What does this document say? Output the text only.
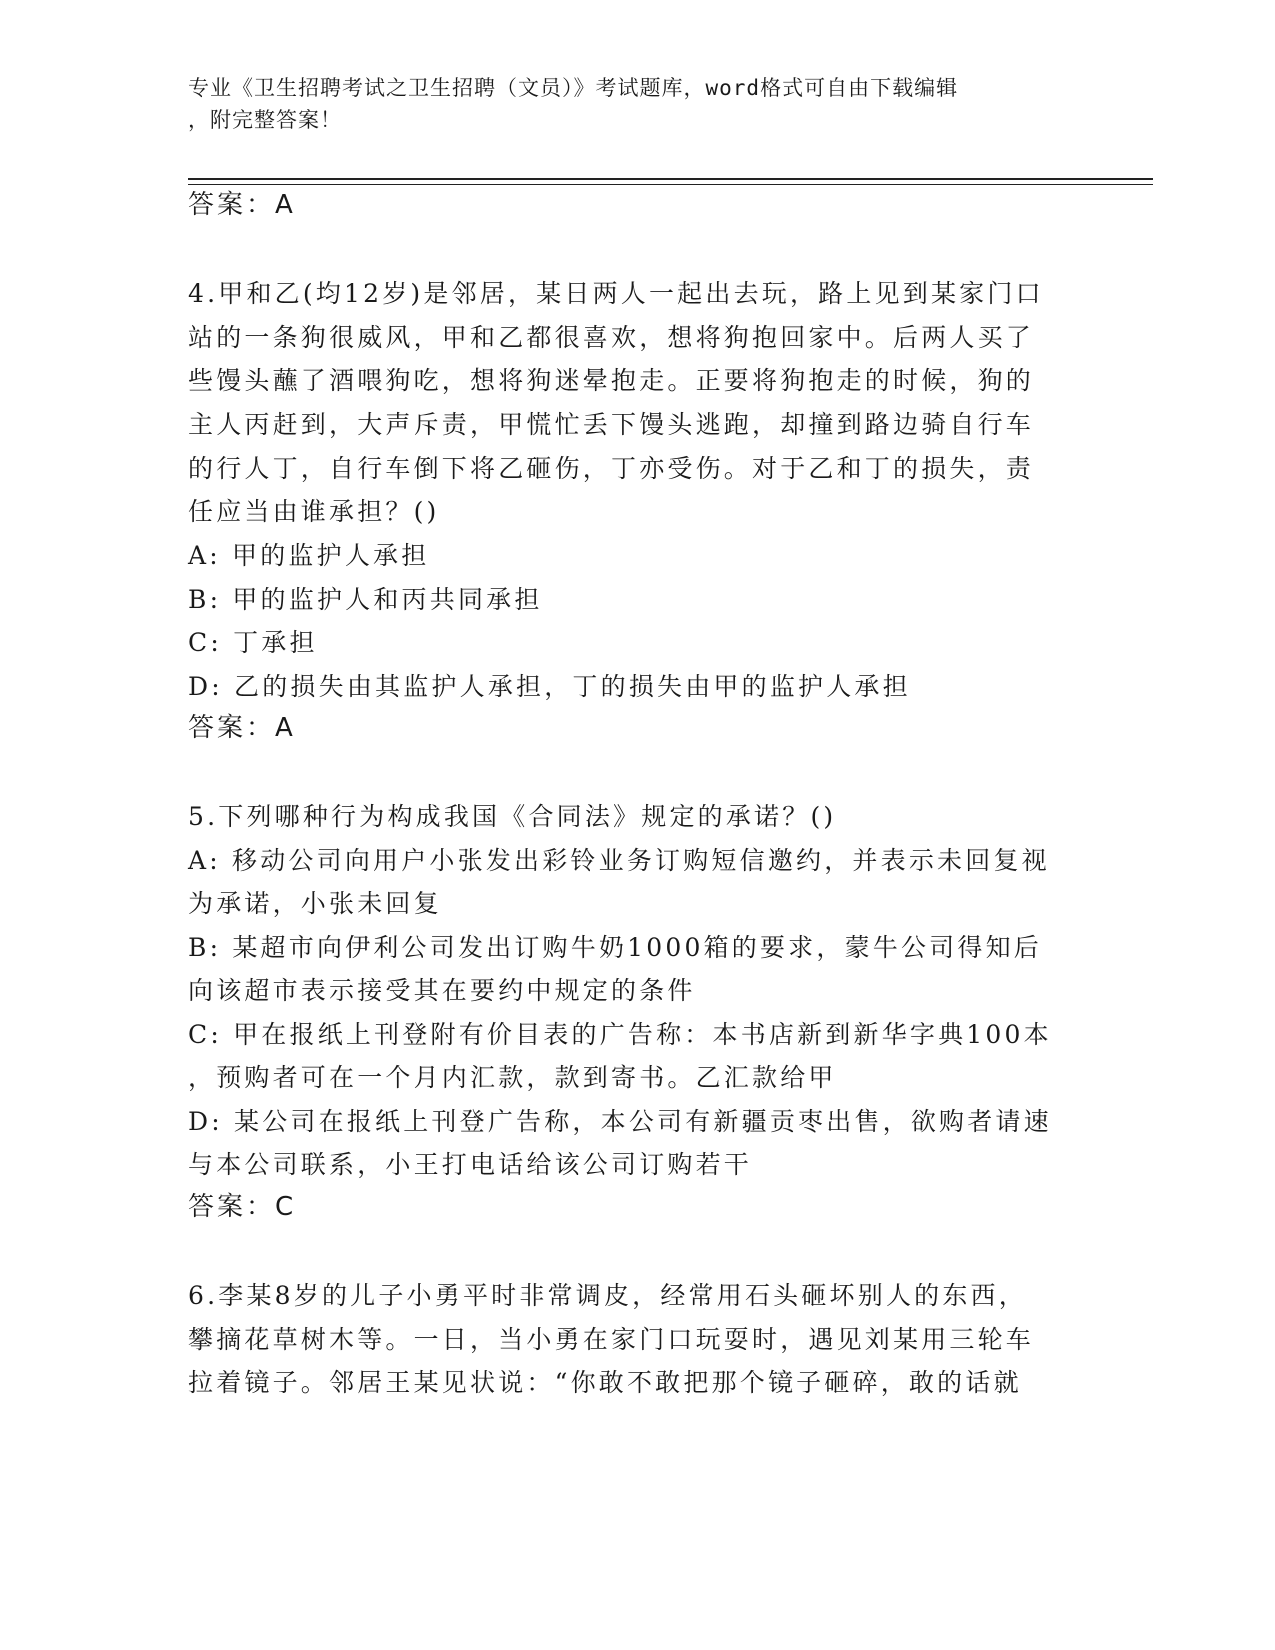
专业《卫生招聘考试之卫生招聘（文员）》考试题库，word格式可自由下载编辑
，附完整答案！
答案：A
4.甲和乙(均12岁)是邻居，某日两人一起出去玩，路上见到某家门口
站的一条狗很威风，甲和乙都很喜欢，想将狗抱回家中。后两人买了
些馒头蘸了酒喂狗吃，想将狗迷晕抱走。正要将狗抱走的时候，狗的
主人丙赶到，大声斥责，甲慌忙丢下馒头逃跑，却撞到路边骑自行车
的行人丁，自行车倒下将乙砸伤，丁亦受伤。对于乙和丁的损失，责
任应当由谁承担？()
A: 甲的监护人承担
B: 甲的监护人和丙共同承担
C: 丁承担
D: 乙的损失由其监护人承担，丁的损失由甲的监护人承担
答案：A
5.下列哪种行为构成我国《合同法》规定的承诺？()
A: 移动公司向用户小张发出彩铃业务订购短信邀约，并表示未回复视
为承诺，小张未回复
B: 某超市向伊利公司发出订购牛奶1000箱的要求，蒙牛公司得知后
向该超市表示接受其在要约中规定的条件
C: 甲在报纸上刊登附有价目表的广告称：本书店新到新华字典100本
，预购者可在一个月内汇款，款到寄书。乙汇款给甲
D: 某公司在报纸上刊登广告称，本公司有新疆贡枣出售，欲购者请速
与本公司联系，小王打电话给该公司订购若干
答案：C
6.李某8岁的儿子小勇平时非常调皮，经常用石头砸坏别人的东西，
攀摘花草树木等。一日，当小勇在家门口玩耍时，遇见刘某用三轮车
拉着镜子。邻居王某见状说：“你敢不敢把那个镜子砸碎，敢的话就
